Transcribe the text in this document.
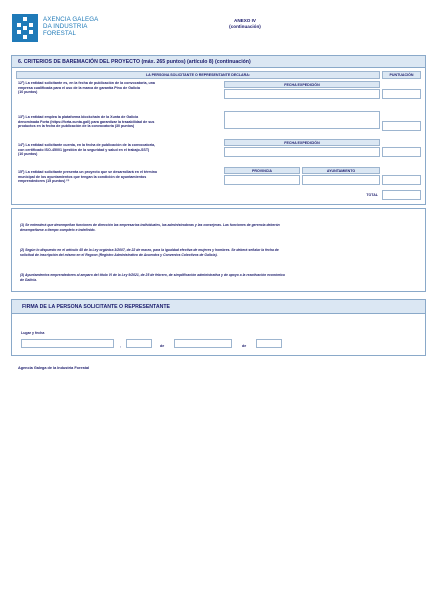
AXENCIA GALEGA
DA INDUSTRIA
FORESTAL
ANEXO IV
(continuación)
6. CRITERIOS DE BAREMACIÓN DEL PROYECTO (máx. 265 puntos) (artículo 8) (continuación)
LA PERSONA SOLICITANTE O REPRESENTANTE DECLARA:	PUNTUACIÓN
12º) La entidad solicitante es, en la fecha de publicación de la convocatoria, una
empresa cualificada para el uso de la marca de garantía Pino de Galicia
(10 puntos)
FECHA EXPEDICIÓN
13º) La entidad emplea la plataforma blockchain de la Xunta de Galicia
denominada Forta (https://forta.xunta.gal/) para garantizar la trazabilidad de sus
productos en la fecha de publicación de la convocatoria (30 puntos)
14º) La entidad solicitante cuenta, en la fecha de publicación de la convocatoria,
con certificado ISO-45001 (gestión de la seguridad y salud en el trabajo-SST)
(10 puntos)
FECHA EXPEDICIÓN
15º) La entidad solicitante presenta un proyecto que se desarrollará en el término
municipal de los ayuntamientos que tengan la condición de ayuntamientos
emprendedores (15 puntos) ⁽³⁾
PROVINCIA	AYUNTAMIENTO
TOTAL
(1) Se entenderá que desempeñan funciones de dirección las empresarias individuales, las administradoras y las consejeras. Las funciones de gerencia deberán
desempeñarse a tiempo completo e indefinido.
(2) Según lo dispuesto en el artículo 45 de la Ley orgánica 3/2007, de 22 de marzo, para la igualdad efectiva de mujeres y hombres. Se deberá señalar la fecha de
solicitud de inscripción del mismo en el Regcon (Registro Administrativo de Acuerdos y Convenios Colectivos de Galicia).
(3) Ayuntamientos emprendedores al amparo del título VI de la Ley 9/2021, de 25 de febrero, de simplificación administrativa y de apoyo a la reactivación económica
de Galicia.
FIRMA DE LA PERSONA SOLICITANTE O REPRESENTANTE
Lugar y fecha
,	de	de
Agencia Galega de la Industria Forestal
